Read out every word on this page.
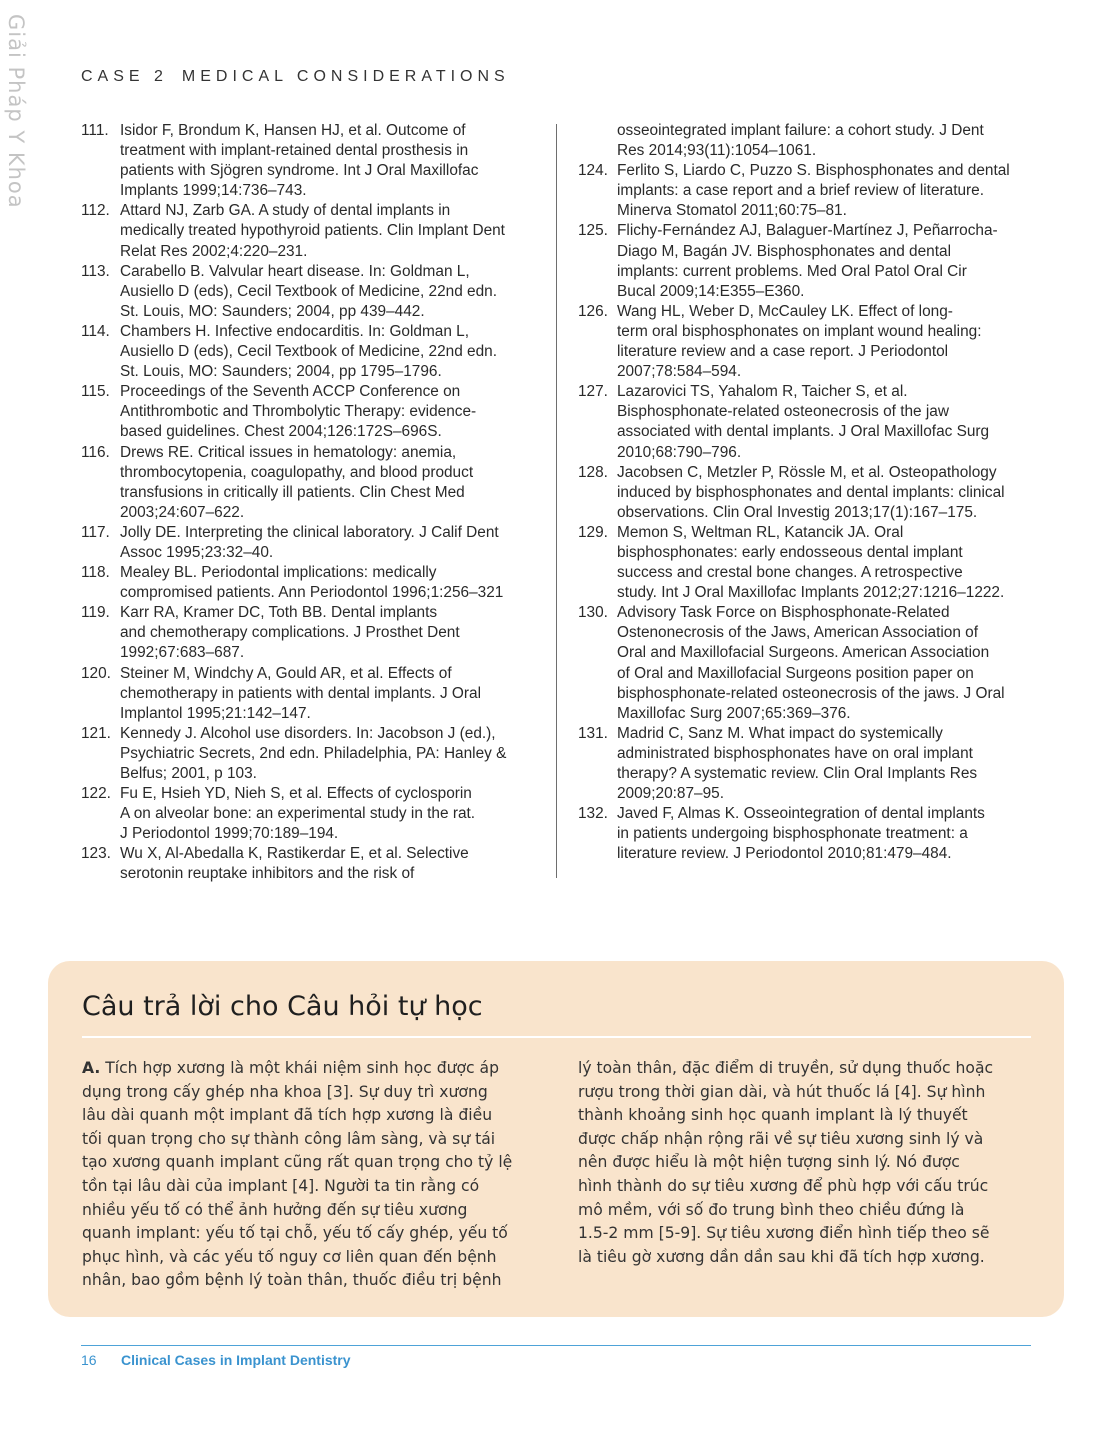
Giải Pháp Y Khoa	CASE 2 MEDICAL CONSIDERATIONS
111. Isidor F, Brondum K, Hansen HJ, et al. Outcome of
treatment with implant-retained dental prosthesis in
patients with Sjögren syndrome. Int J Oral Maxillofac
Implants 1999;14:736–743.
112. Attard NJ, Zarb GA. A study of dental implants in
medically treated hypothyroid patients. Clin Implant Dent
Relat Res 2002;4:220–231.
113. Carabello B. Valvular heart disease. In: Goldman L,
Ausiello D (eds), Cecil Textbook of Medicine, 22nd edn.
St. Louis, MO: Saunders; 2004, pp 439–442.
114. Chambers H. Infective endocarditis. In: Goldman L,
Ausiello D (eds), Cecil Textbook of Medicine, 22nd edn.
St. Louis, MO: Saunders; 2004, pp 1795–1796.
115. Proceedings of the Seventh ACCP Conference on
Antithrombotic and Thrombolytic Therapy: evidence-
based guidelines. Chest 2004;126:172S–696S.
116. Drews RE. Critical issues in hematology: anemia,
thrombocytopenia, coagulopathy, and blood product
transfusions in critically ill patients. Clin Chest Med
2003;24:607–622.
117. Jolly DE. Interpreting the clinical laboratory. J Calif Dent
Assoc 1995;23:32–40.
118. Mealey BL. Periodontal implications: medically
compromised patients. Ann Periodontol 1996;1:256–321
119. Karr RA, Kramer DC, Toth BB. Dental implants
and chemotherapy complications. J Prosthet Dent
1992;67:683–687.
120. Steiner M, Windchy A, Gould AR, et al. Effects of
chemotherapy in patients with dental implants. J Oral
Implantol 1995;21:142–147.
121. Kennedy J. Alcohol use disorders. In: Jacobson J (ed.),
Psychiatric Secrets, 2nd edn. Philadelphia, PA: Hanley &
Belfus; 2001, p 103.
122. Fu E, Hsieh YD, Nieh S, et al. Effects of cyclosporin
A on alveolar bone: an experimental study in the rat.
J Periodontol 1999;70:189–194.
123. Wu X, Al-Abedalla K, Rastikerdar E, et al. Selective
serotonin reuptake inhibitors and the risk of
osseointegrated implant failure: a cohort study. J Dent
Res 2014;93(11):1054–1061.
124. Ferlito S, Liardo C, Puzzo S. Bisphosphonates and dental
implants: a case report and a brief review of literature.
Minerva Stomatol 2011;60:75–81.
125. Flichy-Fernández AJ, Balaguer-Martínez J, Peñarrocha-
Diago M, Bagán JV. Bisphosphonates and dental
implants: current problems. Med Oral Patol Oral Cir
Bucal 2009;14:E355–E360.
126. Wang HL, Weber D, McCauley LK. Effect of long-
term oral bisphosphonates on implant wound healing:
literature review and a case report. J Periodontol
2007;78:584–594.
127. Lazarovici TS, Yahalom R, Taicher S, et al.
Bisphosphonate-related osteonecrosis of the jaw
associated with dental implants. J Oral Maxillofac Surg
2010;68:790–796.
128. Jacobsen C, Metzler P, Rössle M, et al. Osteopathology
induced by bisphosphonates and dental implants: clinical
observations. Clin Oral Investig 2013;17(1):167–175.
129. Memon S, Weltman RL, Katancik JA. Oral
bisphosphonates: early endosseous dental implant
success and crestal bone changes. A retrospective
study. Int J Oral Maxillofac Implants 2012;27:1216–1222.
130. Advisory Task Force on Bisphosphonate-Related
Ostenonecrosis of the Jaws, American Association of
Oral and Maxillofacial Surgeons. American Association
of Oral and Maxillofacial Surgeons position paper on
bisphosphonate-related osteonecrosis of the jaws. J Oral
Maxillofac Surg 2007;65:369–376.
131. Madrid C, Sanz M. What impact do systemically
administrated bisphosphonates have on oral implant
therapy? A systematic review. Clin Oral Implants Res
2009;20:87–95.
132. Javed F, Almas K. Osseointegration of dental implants
in patients undergoing bisphosphonate treatment: a
literature review. J Periodontol 2010;81:479–484.
Câu trả lời cho Câu hỏi tự học
A. Tích hợp xương là một khái niệm sinh học được áp
dụng trong cấy ghép nha khoa [3]. Sự duy trì xương
lâu dài quanh một implant đã tích hợp xương là điều
tối quan trọng cho sự thành công lâm sàng, và sự tái
tạo xương quanh implant cũng rất quan trọng cho tỷ lệ
tồn tại lâu dài của implant [4]. Người ta tin rằng có
nhiều yếu tố có thể ảnh hưởng đến sự tiêu xương
quanh implant: yếu tố tại chỗ, yếu tố cấy ghép, yếu tố
phục hình, và các yếu tố nguy cơ liên quan đến bệnh
nhân, bao gồm bệnh lý toàn thân, thuốc điều trị bệnh
lý toàn thân, đặc điểm di truyền, sử dụng thuốc hoặc
rượu trong thời gian dài, và hút thuốc lá [4]. Sự hình
thành khoảng sinh học quanh implant là lý thuyết
được chấp nhận rộng rãi về sự tiêu xương sinh lý và
nên được hiểu là một hiện tượng sinh lý. Nó được
hình thành do sự tiêu xương để phù hợp với cấu trúc
mô mềm, với số đo trung bình theo chiều đứng là
1.5-2 mm [5-9]. Sự tiêu xương điển hình tiếp theo sẽ
là tiêu gờ xương dần dần sau khi đã tích hợp xương.
16 Clinical Cases in Implant Dentistry
